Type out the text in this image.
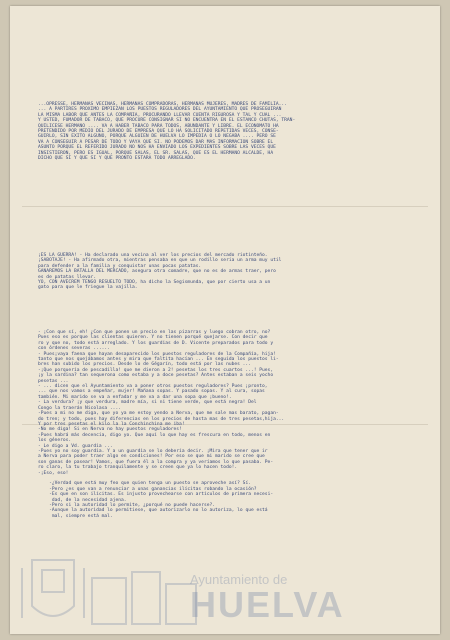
...OPRESSE, HERMANAS VECINAS, HERMANAS COMPRADORAS, HERMANAS MUJERES, MADRES DE FAMILIA...

... A PARTIRES PROXIMO EMPIEZAN LOS PUESTOS REGULADORES DEL AYUNTAMIENTO QUE PROSEGUIRAN

LA MISMA LABOR QUE ANTES LA COMPAÑIA, PROCURANDO LLEVAR CUENTA RIGUROSA Y TAL Y CUAL ...

Y USTED, FUMADOR DE TABACO, QUE PROCURE CONSIGNAR SI NO ENCUENTRA EN EL ESTANCO CHUTAS, TRAN-

QUILICESE HERMANO .... VA A HABER TABACO PARA TODOS, ABUNDANTE Y LIBRE. EL ECONOMATO HA

PRETENDIDO POR MEDIO DEL JURADO DE EMPRESA QUE LO HA SOLICITADO REPETIDAS VECES, CONSE-

GUIRLO, SIN EXITO ALGUNO, PORQUE ALGUIEN DE HUELVA LO IMPEDIA O LO NEGABA .... PERO SE

VA A CONSEGUIR A PESAR DE TODO Y VAYA QUE SI. NO PODEMOS DAR MAS INFORMACION SOBRE EL

ASUNTO PORQUE EL REFERIDO JURADO NO NOS HA ENVIADO LOS EXPEDIENTES SOBRE LAS VECES QUE

INSISTIERON, PERO ES IGUAL, PORQUE SALAS, EL SR. SALAS, QUE ES EL HERMANO ALCALDE, HA

DICHO QUE SI Y QUE SI Y QUE PRONTO ESTARA TODO ARREGLADO.

¡ES LA GUERRA! - Ha declarado una vecina al ver los precios del mercado riotinteño.

¡SABOTAJE! - Ha afirmado otra, mientras pensaba en que un rodillo seria un arma muy util

para defender a la familia y conquistar unas pocas patatas.

GANAREMOS LA BATALLA DEL MERCADO, asegura otra comadre, que no es de armas traer, pero

es de patatas llevar.

YO, CON AVECREM TENGO RESUELTO TODO, ha dicho la Segismunda, que por cierto usa a un

gato para que le friegue la vajilla.

- ¡Con que sí, eh! ¿Con que ponen un precio en las pizarras y luego cobran otro, no?

Pues eso es porque las clientas quieren. Y no tienen porqué quejarse. Con decir que

ro y que no, todo está arreglado. Y los guardias de D. Vicente preparados para todo y

con órdenes severas ......

- Pues¡vaya faena que hayan desaparecido los puestos reguladores de la Compañía, hija!

tanto que nos quejábamos antes y mira que faltita hacían ... En seguida los puestos li-

bres han subido los precios. Desde lo de Gégarín, todo está por las nubes ...

-¡Que porquería de pescadilla! que me dieron a 2! pesetas los tres cuartos ...! Pues,

¡y la sardina? tan sequerona como estaba y a doce pesetas? Antes estaban a seis yocho

pesetas ...

- ... dicen que el Ayuntamiento va a poner otros puestos reguladores? Pues ¡pronto,

... que nos vamos a empeñar, mujer! Mañana sopas. Y pasado sopas. Y al cura, sopas

también. Mi marido se va a enfadar y me va a dar una sopa que ¡bueno!.

- La verdura? ¡y que verdura, madre mía, si ni tiene verde, que está negra! Del

Congo la traerán Nicolasa ....

-Pues a mi no me diga, que yo ya me estoy yendo a Nerva, que me sale mas barato, pagan-

do tren; y todo, pues hay diferencias en los precios de hasta mas de tres pesetas,hija...

Y por tres pesetas el kilo la la Conchinchina me iba!

-No me diga! Si en Nerva no hay puestos reguladores!

-Pues habrá más decencia, digo yo. Que aquí lo que hay es frescura en todo, menos en

los géneros.

- Le digo a Vd. guardia ...

-Pues yo no soy guardia. Y a un guardia se lo debería decir. ¡Mira que tener que ir

a Nerva para poder traer algo en condiciones! Por eso se que mi marido se cree que

son ganas de pasear! Vamos, que fuera él a la compra y ya veríamos lo que pasaba. Pe-

ro claro, la tu trabajo tranquilamente y se creen que ya lo hacen todo!.

-¡Eso, eso!

-¿Verdad que está muy feo que quien tenga un puesto se aproveche así? Sí.

-Pero ¿es que van a renunciar a unas ganancias ilícitas robando la ocasión?

-Es que en son ilícitas. Es injusto provechearse con artículos de primera necesi-

dad, de la necesidad ajena.

-Pero si la autoridad lo permite, ¿porqué no puede hacerse?.

-Aunque la autoridad lo permitiese, que autorizarlo no lo autoriza, lo que está

mal, siempre está mal.

Ayuntamiento de
HUELVA
